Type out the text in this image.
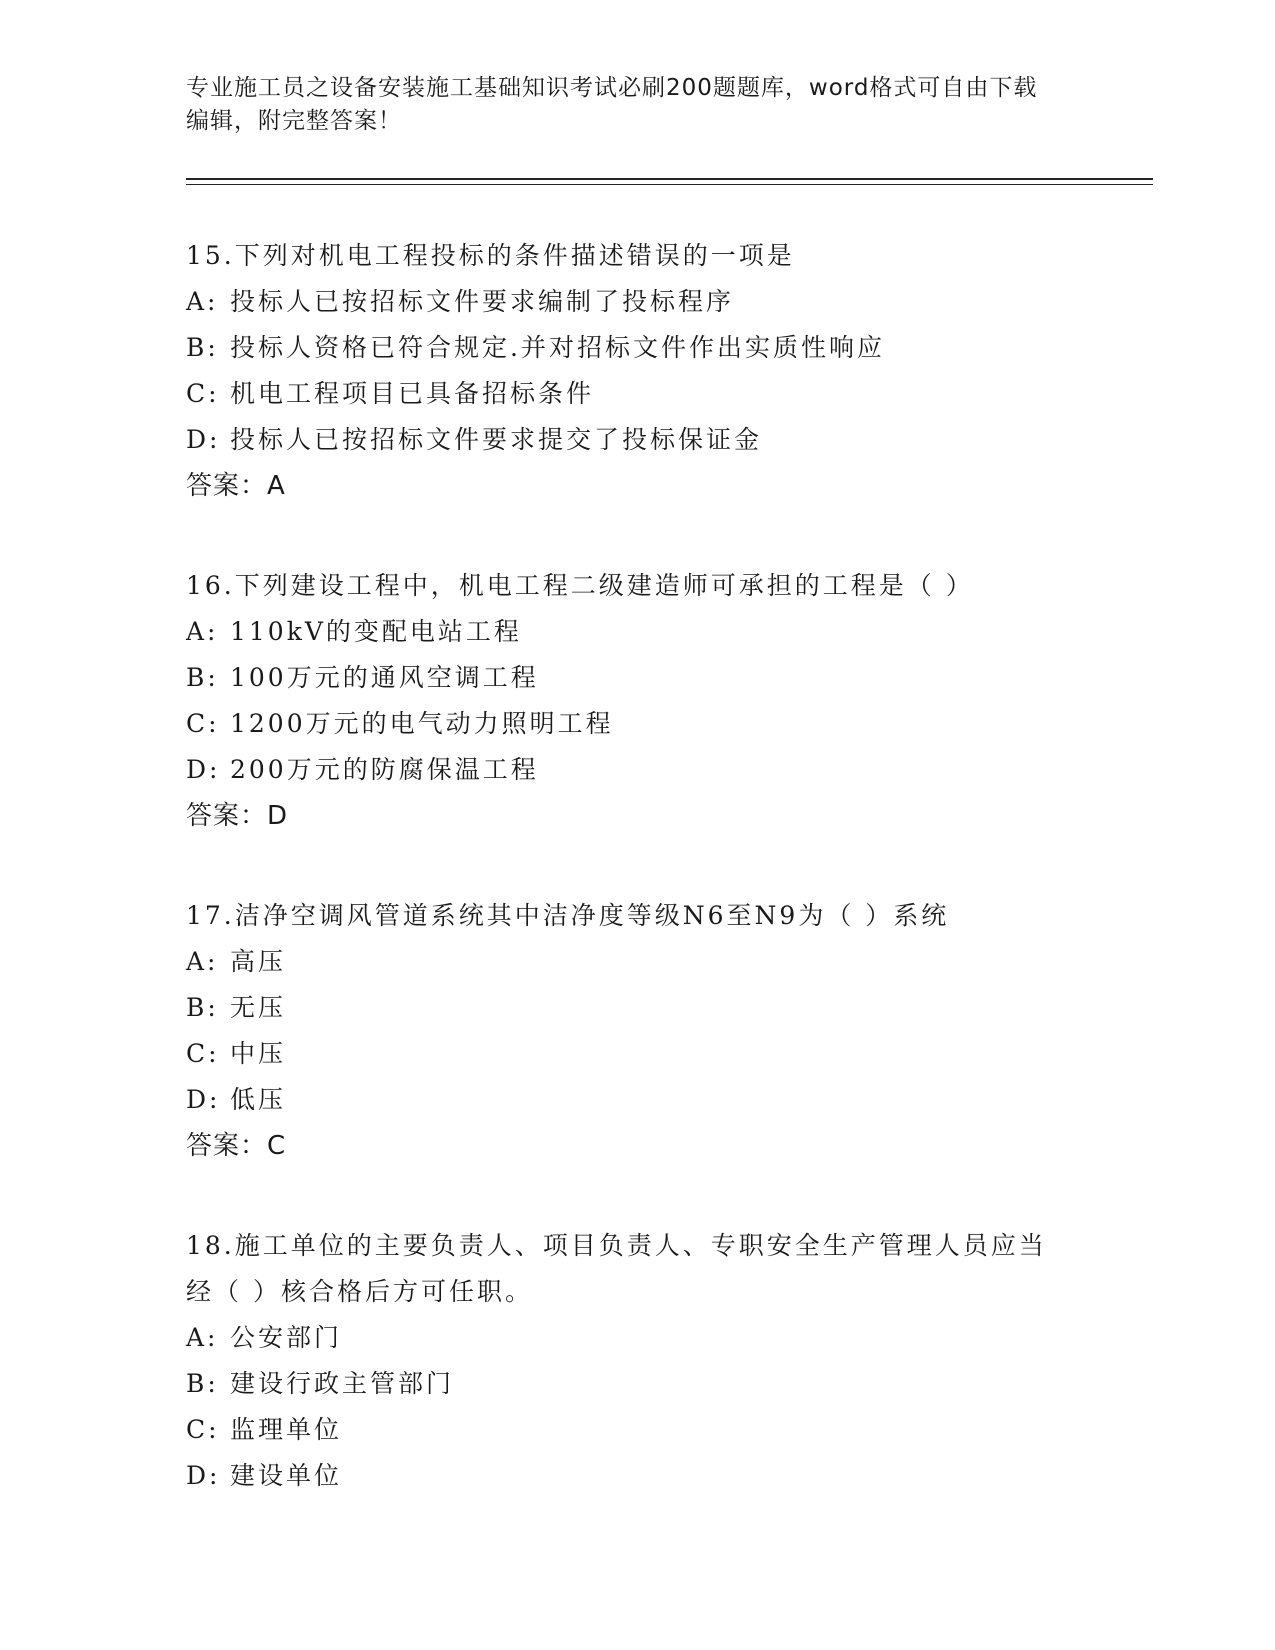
专业施工员之设备安装施工基础知识考试必刷200题题库，word格式可自由下载
编辑，附完整答案！
15.下列对机电工程投标的条件描述错误的一项是
A: 投标人已按招标文件要求编制了投标程序
B: 投标人资格已符合规定.并对招标文件作出实质性响应
C: 机电工程项目已具备招标条件
D: 投标人已按招标文件要求提交了投标保证金
答案：A
16.下列建设工程中，机电工程二级建造师可承担的工程是（ ）
A: 110kV的变配电站工程
B: 100万元的通风空调工程
C: 1200万元的电气动力照明工程
D: 200万元的防腐保温工程
答案：D
17.洁净空调风管道系统其中洁净度等级N6至N9为（ ）系统
A: 高压
B: 无压
C: 中压
D: 低压
答案：C
18.施工单位的主要负责人、项目负责人、专职安全生产管理人员应当
经（ ）核合格后方可任职。
A: 公安部门
B: 建设行政主管部门
C: 监理单位
D: 建设单位
